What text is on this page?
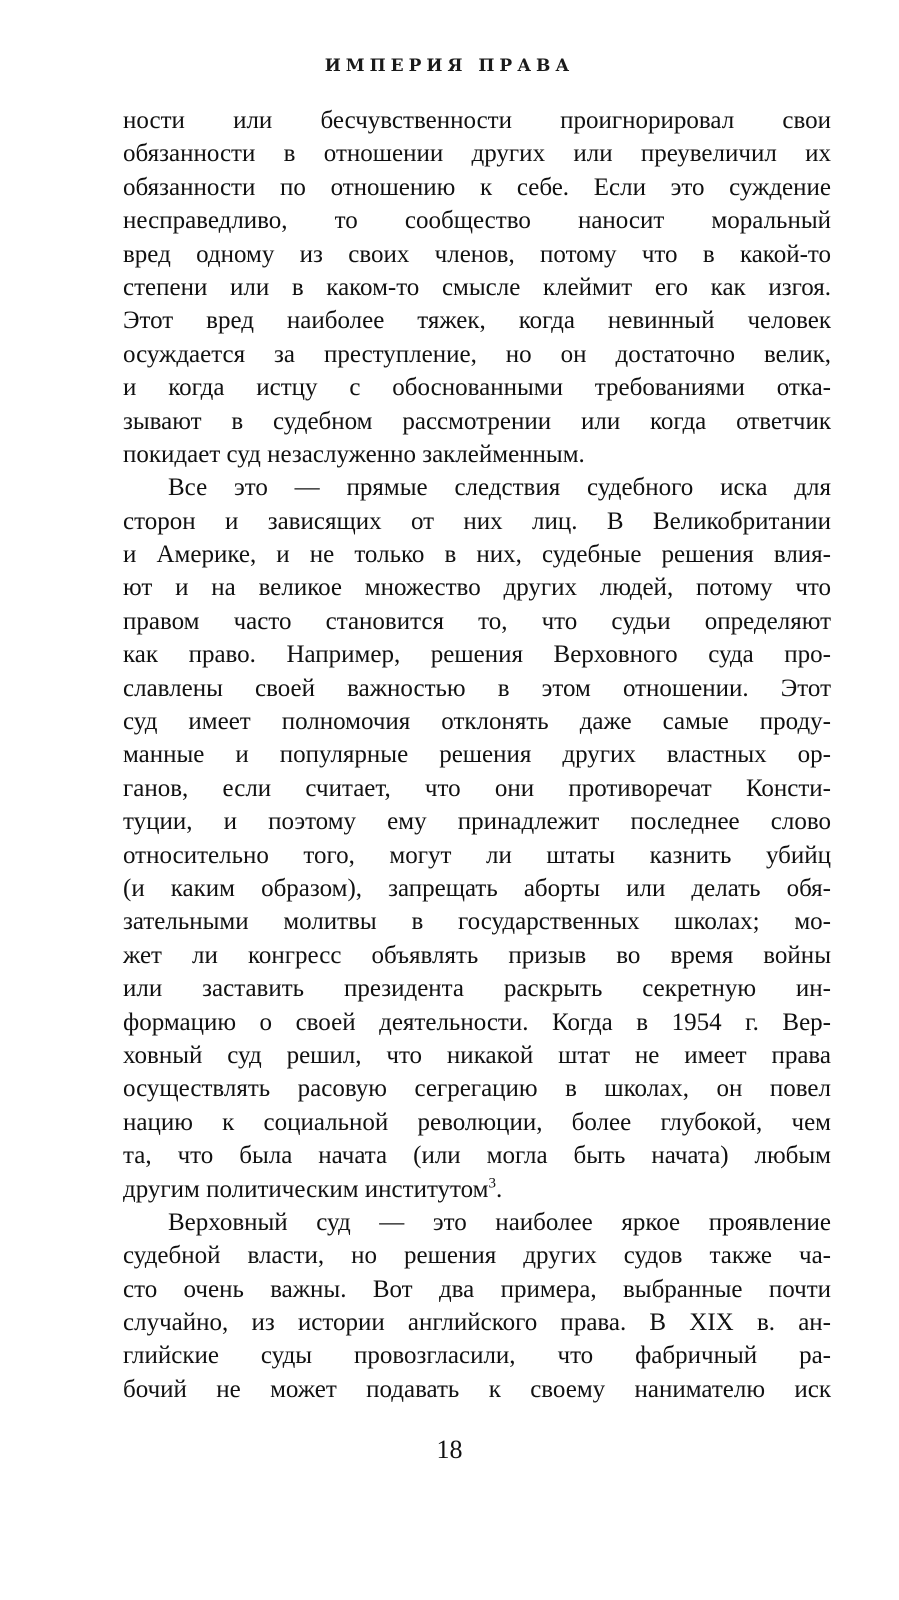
ИМПЕРИЯ ПРАВА
ности или бесчувственности проигнорировал свои
обязанности в отношении других или преувеличил их
обязанности по отношению к себе. Если это суждение
несправедливо, то сообщество наносит моральный
вред одному из своих членов, потому что в какой-то
степени или в каком-то смысле клеймит его как изгоя.
Этот вред наиболее тяжек, когда невинный человек
осуждается за преступление, но он достаточно велик,
и когда истцу с обоснованными требованиями отка-
зывают в судебном рассмотрении или когда ответчик
покидает суд незаслуженно заклейменным.
Все это — прямые следствия судебного иска для
сторон и зависящих от них лиц. В Великобритании
и Америке, и не только в них, судебные решения влия-
ют и на великое множество других людей, потому что
правом часто становится то, что судьи определяют
как право. Например, решения Верховного суда про-
славлены своей важностью в этом отношении. Этот
суд имеет полномочия отклонять даже самые проду-
манные и популярные решения других властных ор-
ганов, если считает, что они противоречат Консти-
туции, и поэтому ему принадлежит последнее слово
относительно того, могут ли штаты казнить убийц
(и каким образом), запрещать аборты или делать обя-
зательными молитвы в государственных школах; мо-
жет ли конгресс объявлять призыв во время войны
или заставить президента раскрыть секретную ин-
формацию о своей деятельности. Когда в 1954 г. Вер-
ховный суд решил, что никакой штат не имеет права
осуществлять расовую сегрегацию в школах, он повел
нацию к социальной революции, более глубокой, чем
та, что была начата (или могла быть начата) любым
другим политическим институтом$^3$.
Верховный суд — это наиболее яркое проявление
судебной власти, но решения других судов также ча-
сто очень важны. Вот два примера, выбранные почти
случайно, из истории английского права. В XIX в. ан-
глийские суды провозгласили, что фабричный ра-
бочий не может подавать к своему нанимателю иск
18
